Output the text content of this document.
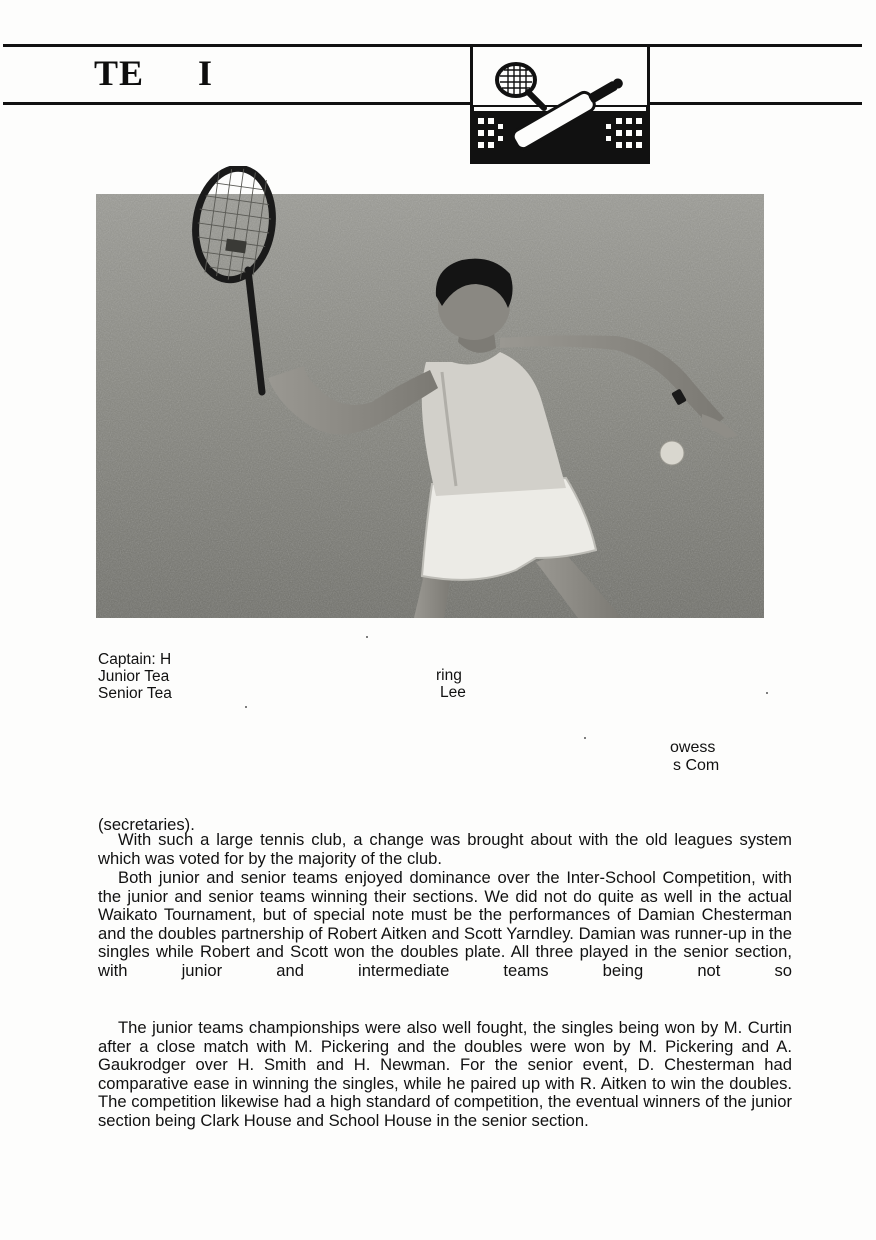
TE I
Captain: H
Junior Tea
Senior Tea
ring
Lee
owess
s Com

(secretaries).

With such a large tennis club, a change was brought about with the old leagues system which was voted for by the majority of the club.

Both junior and senior teams enjoyed dominance over the Inter-School Competition, with the junior and senior teams winning their sections. We did not do quite as well in the actual Waikato Tournament, but of special note must be the performances of Damian Chesterman and the doubles partnership of Robert Aitken and Scott Yarndley. Damian was runner-up in the singles while Robert and Scott won the doubles plate. All three played in the senior section, with junior and intermediate teams being not so

The junior teams championships were also well fought, the singles being won by M. Curtin after a close match with M. Pickering and the doubles were won by M. Pickering and A. Gaukrodger over H. Smith and H. Newman. For the senior event, D. Chesterman had comparative ease in winning the singles, while he paired up with R. Aitken to win the doubles. The competition likewise had a high standard of competition, the eventual winners of the junior section being Clark House and School House in the senior section.
